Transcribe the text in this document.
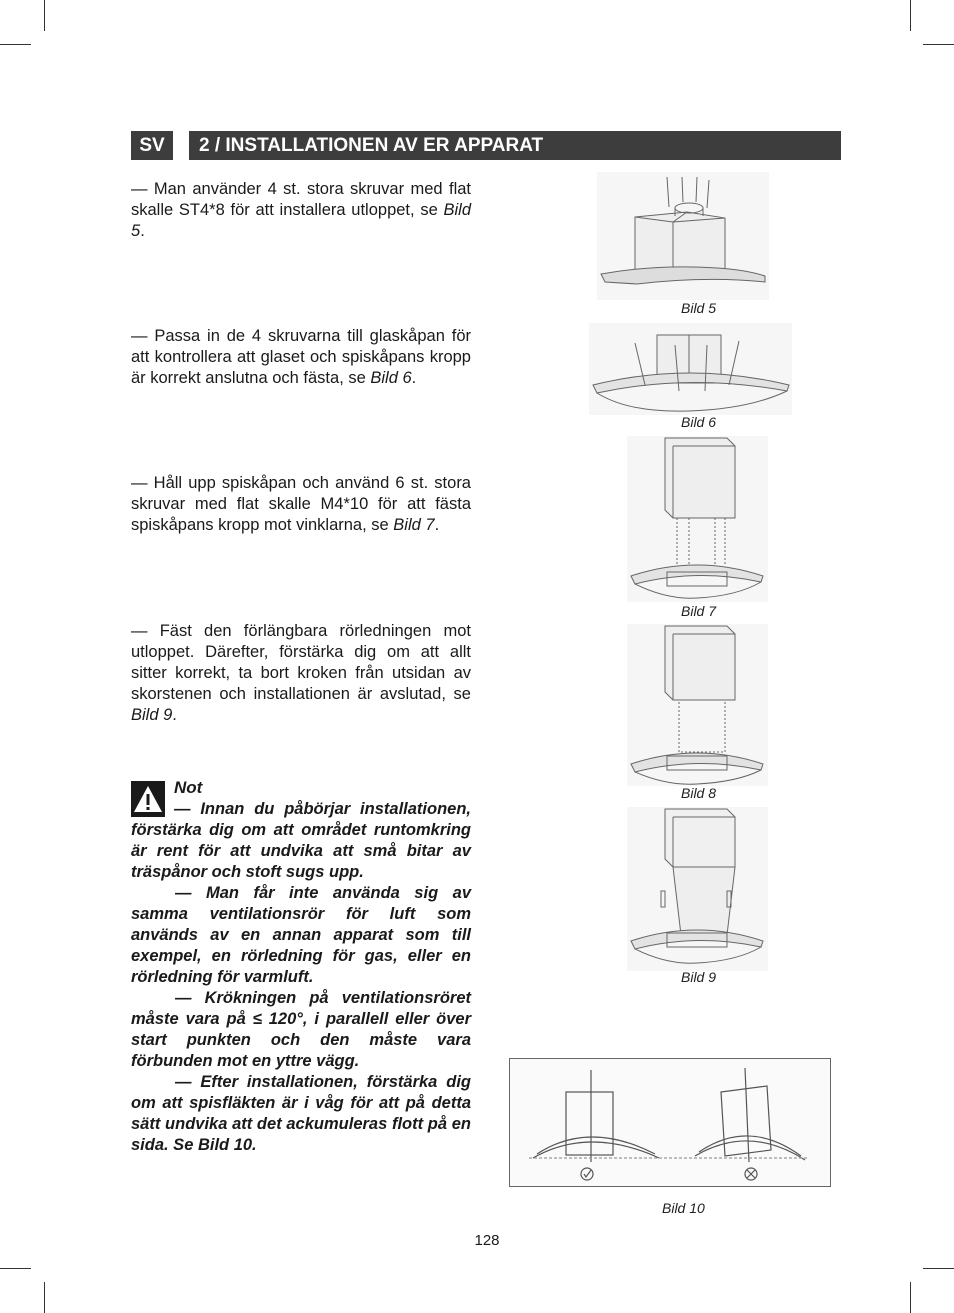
SV	2 / INSTALLATIONEN AV ER APPARAT

— Man använder 4 st. stora skruvar med flat skalle ST4*8 för att installera utloppet, se Bild 5.

— Passa in de 4 skruvarna till glaskåpan för att kontrollera att glaset och spiskåpans kropp är korrekt anslutna och fästa, se Bild 6.

— Håll upp spiskåpan och använd 6 st. stora skruvar med flat skalle M4*10 för att fästa spiskåpans kropp mot vinklarna, se Bild 7.

— Fäst den förlängbara rörledningen mot utloppet. Därefter, förstärka dig om att allt sitter korrekt, ta bort kroken från utsidan av skorstenen och installationen är avslutad, se Bild 9.

Not

— Innan du påbörjar installationen, förstärka dig om att området runtomkring är rent för att undvika att små bitar av träspånor och stoft sugs upp.

— Man får inte använda sig av samma ventilationsrör för luft som används av en annan apparat som till exempel, en rörledning för gas, eller en rörledning för varmluft.

— Krökningen på ventilationsröret måste vara på ≤ 120°, i parallell eller över start punkten och den måste vara förbunden mot en yttre vägg.

— Efter installationen, förstärka dig om att spisfläkten är i våg för att på detta sätt undvika att det ackumuleras flott på en sida. Se Bild 10.

Bild 5
Bild 6
Bild 7
Bild 8
Bild 9
Bild 10
128
